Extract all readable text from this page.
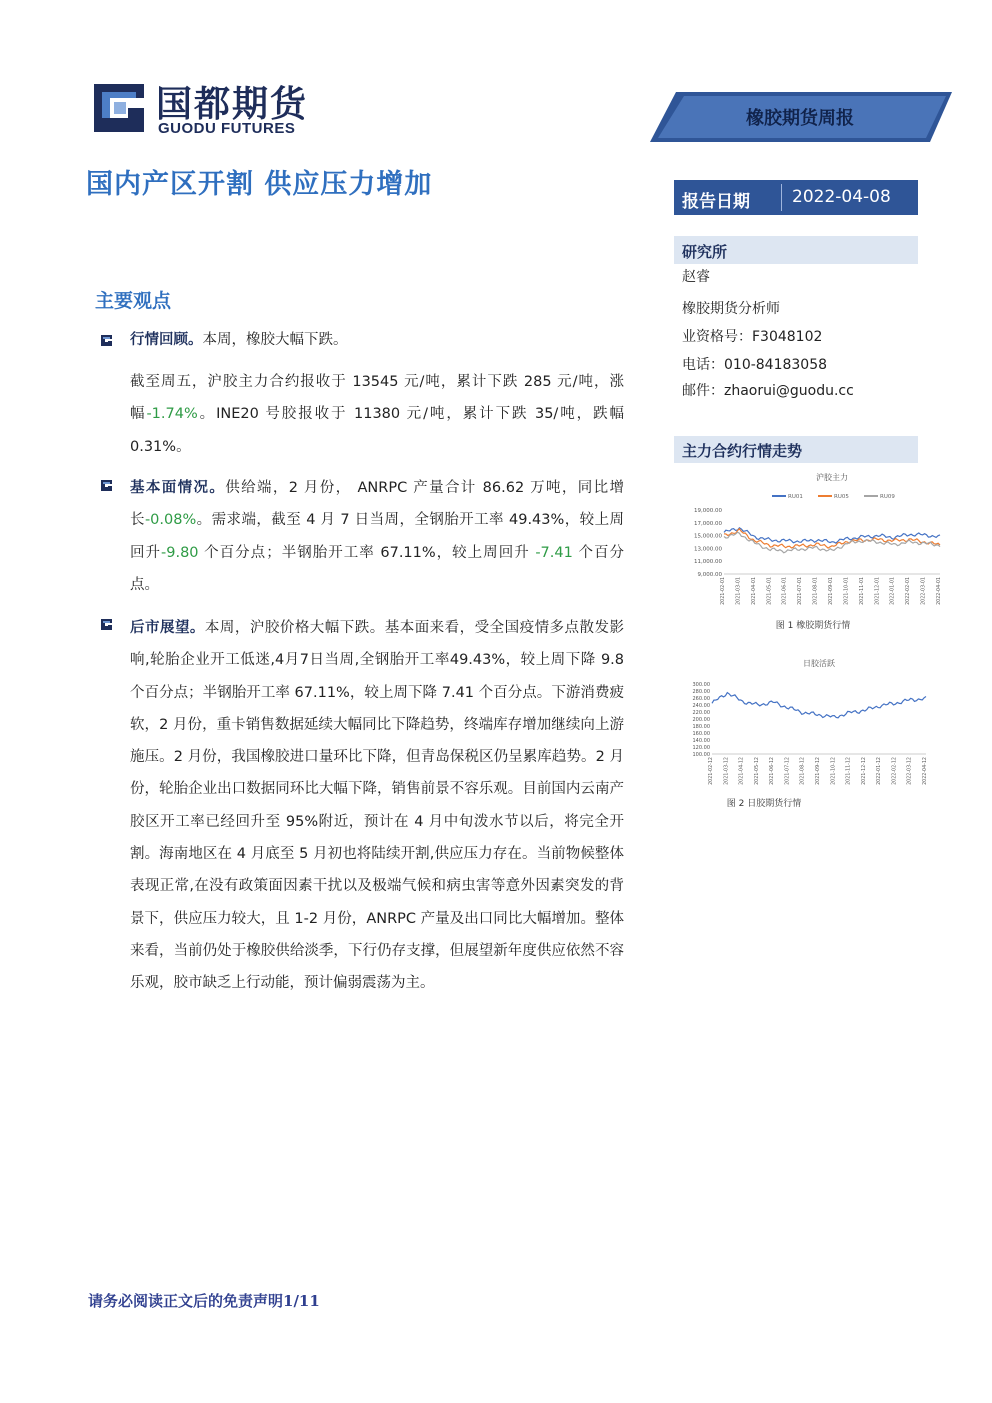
国都期货
GUODU FUTURES	橡胶期货周报
国内产区开割 供应压力增加
报告日期 2022-04-08
研究所
赵睿
橡胶期货分析师
业资格号：F3048102
电话：010-84183058
邮件：zhaorui@guodu.cc
主力合约行情走势
沪胶主力
RU01	RU05	RU09
19,000.00
17,000.00
15,000.00
13,000.00
11,000.00
9,000.00
2021-02-01 2021-03-01 2021-04-01 2021-05-01 2021-06-01 2021-07-01 2021-08-01 2021-09-01 2021-10-01 2021-11-01 2021-12-01 2022-01-01 2022-02-01 2022-03-01 2022-04-01
图 1 橡胶期货行情
日胶活跃
300.00
280.00
260.00
240.00
220.00
200.00
180.00
160.00
140.00
120.00
100.00
2021-02-12 2021-03-12 2021-04-12 2021-05-12 2021-06-12 2021-07-12 2021-08-12 2021-09-12 2021-10-12 2021-11-12 2021-12-12 2022-01-12 2022-02-12 2022-03-12 2022-04-12
图 2 日胶期货行情
主要观点
行情回顾。本周，橡胶大幅下跌。
截至周五，沪胶主力合约报收于 13545 元/吨，累计下跌 285 元/吨，涨幅-1.74%。INE20 号胶报收于 11380 元/吨，累计下跌 35/吨，跌幅 0.31%。
基本面情况。供给端，2 月份， ANRPC 产量合计 86.62 万吨，同比增长-0.08%。需求端，截至 4 月 7 日当周，全钢胎开工率 49.43%，较上周回升-9.80 个百分点；半钢胎开工率 67.11%，较上周回升 -7.41 个百分点。
后市展望。本周，沪胶价格大幅下跌。基本面来看，受全国疫情多点散发影响,轮胎企业开工低迷,4月7日当周,全钢胎开工率49.43%，较上周下降 9.8 个百分点；半钢胎开工率 67.11%，较上周下降 7.41 个百分点。下游消费疲软，2 月份，重卡销售数据延续大幅同比下降趋势，终端库存增加继续向上游施压。2 月份，我国橡胶进口量环比下降，但青岛保税区仍呈累库趋势。2 月份，轮胎企业出口数据同环比大幅下降，销售前景不容乐观。目前国内云南产胶区开工率已经回升至 95%附近，预计在 4 月中旬泼水节以后，将完全开割。海南地区在 4 月底至 5 月初也将陆续开割,供应压力存在。当前物候整体表现正常,在没有政策面因素干扰以及极端气候和病虫害等意外因素突发的背景下，供应压力较大，且 1-2 月份，ANRPC 产量及出口同比大幅增加。整体来看，当前仍处于橡胶供给淡季，下行仍存支撑，但展望新年度供应依然不容乐观，胶市缺乏上行动能，预计偏弱震荡为主。
请务必阅读正文后的免责声明1/11
